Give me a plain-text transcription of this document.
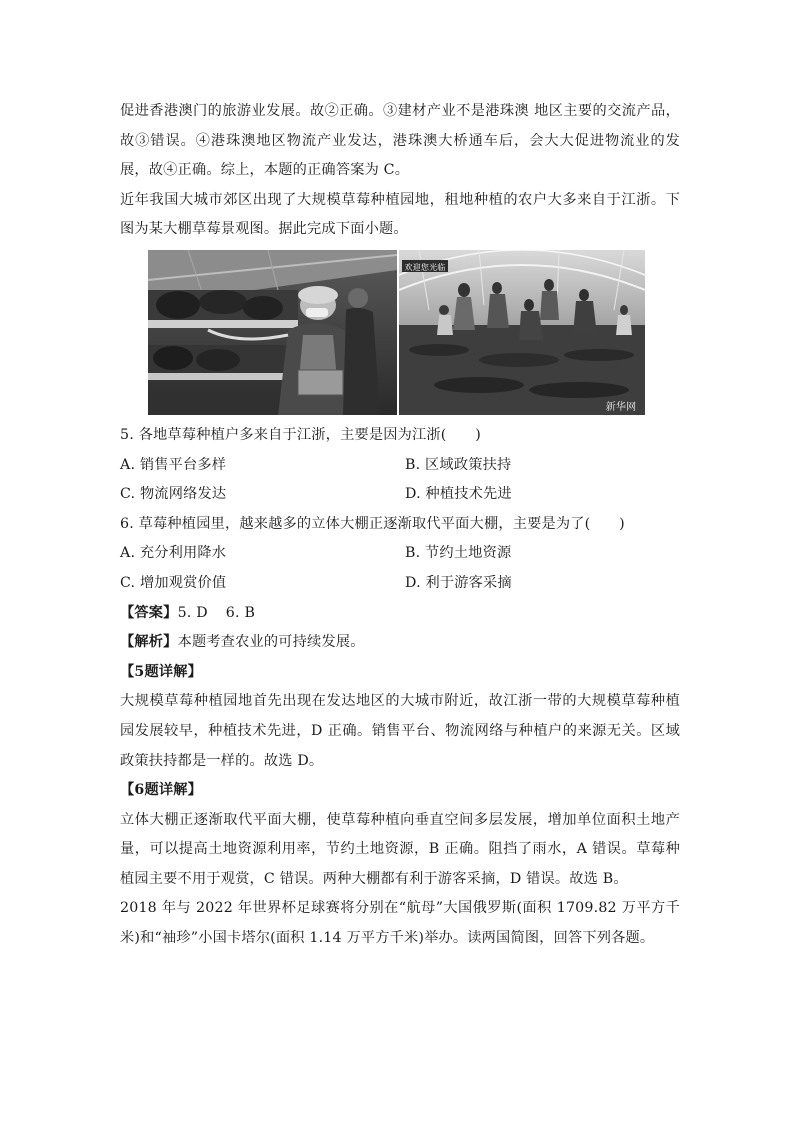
促进香港澳门的旅游业发展。故②正确。③建材产业不是港珠澳 地区主要的交流产品，故③错误。④港珠澳地区物流产业发达，港珠澳大桥通车后，会大大促进物流业的发展，故④正确。综上，本题的正确答案为 C。

近年我国大城市郊区出现了大规模草莓种植园地，租地种植的农户大多来自于江浙。下图为某大棚草莓景观图。据此完成下面小题。

欢迎您光临
新华网

5. 各地草莓种植户多来自于江浙，主要是因为江浙(　　)

A. 销售平台多样	B. 区域政策扶持
C. 物流网络发达	D. 种植技术先进

6. 草莓种植园里，越来越多的立体大棚正逐渐取代平面大棚，主要是为了(　　)

A. 充分利用降水	B. 节约土地资源
C. 增加观赏价值	D. 利于游客采摘

【答案】5. D 6. B

【解析】本题考查农业的可持续发展。

【5题详解】

大规模草莓种植园地首先出现在发达地区的大城市附近，故江浙一带的大规模草莓种植园发展较早，种植技术先进，D 正确。销售平台、物流网络与种植户的来源无关。区域政策扶持都是一样的。故选 D。

【6题详解】

立体大棚正逐渐取代平面大棚，使草莓种植向垂直空间多层发展，增加单位面积土地产量，可以提高土地资源利用率，节约土地资源，B 正确。阻挡了雨水，A 错误。草莓种植园主要不用于观赏，C 错误。两种大棚都有利于游客采摘，D 错误。故选 B。

2018 年与 2022 年世界杯足球赛将分别在“航母”大国俄罗斯(面积 1709.82 万平方千米)和“袖珍”小国卡塔尔(面积 1.14 万平方千米)举办。读两国简图，回答下列各题。
